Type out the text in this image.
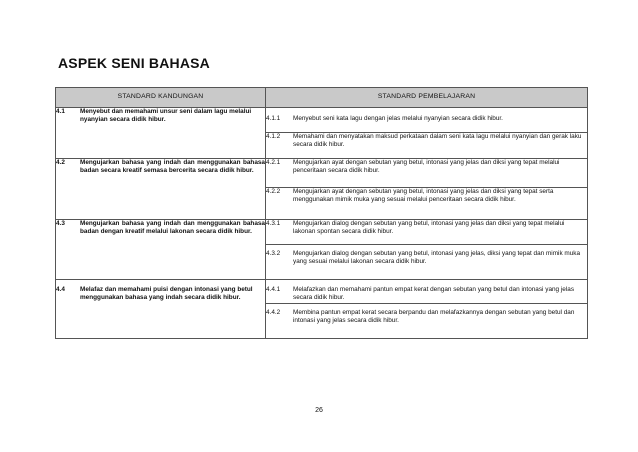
ASPEK SENI BAHASA
STANDARD KANDUNGAN	STANDARD PEMBELAJARAN

4.1 Menyebut dan memahami unsur seni dalam lagu melalui nyanyian secara didik hibur.	4.1.1 Menyebut seni kata lagu dengan jelas melalui nyanyian secara didik hibur.

	4.1.2 Memahami dan menyatakan maksud perkataan dalam seni kata lagu melalui nyanyian dan gerak laku secara didik hibur.

4.2 Mengujarkan bahasa yang indah dan menggunakan bahasa badan secara kreatif semasa bercerita secara didik hibur.	4.2.1 Mengujarkan ayat dengan sebutan yang betul, intonasi yang jelas dan diksi yang tepat melalui penceritaan secara didik hibur.

	4.2.2 Mengujarkan ayat dengan sebutan yang betul, intonasi yang jelas dan diksi yang tepat serta menggunakan mimik muka yang sesuai melalui penceritaan secara didik hibur.

4.3 Mengujarkan bahasa yang indah dan menggunakan bahasa badan dengan kreatif melalui lakonan secara didik hibur.	4.3.1 Mengujarkan dialog dengan sebutan yang betul, intonasi yang jelas dan diksi yang tepat melalui lakonan spontan secara didik hibur.

	4.3.2 Mengujarkan dialog dengan sebutan yang betul, intonasi yang jelas, diksi yang tepat dan mimik muka yang sesuai melalui lakonan secara didik hibur.

4.4 Melafaz dan memahami puisi dengan intonasi yang betul menggunakan bahasa yang indah secara didik hibur.	4.4.1 Melafazkan dan memahami pantun empat kerat dengan sebutan yang betul dan intonasi yang jelas secara didik hibur.

	4.4.2 Membina pantun empat kerat secara berpandu dan melafazkannya dengan sebutan yang betul dan intonasi yang jelas secara didik hibur.
26
